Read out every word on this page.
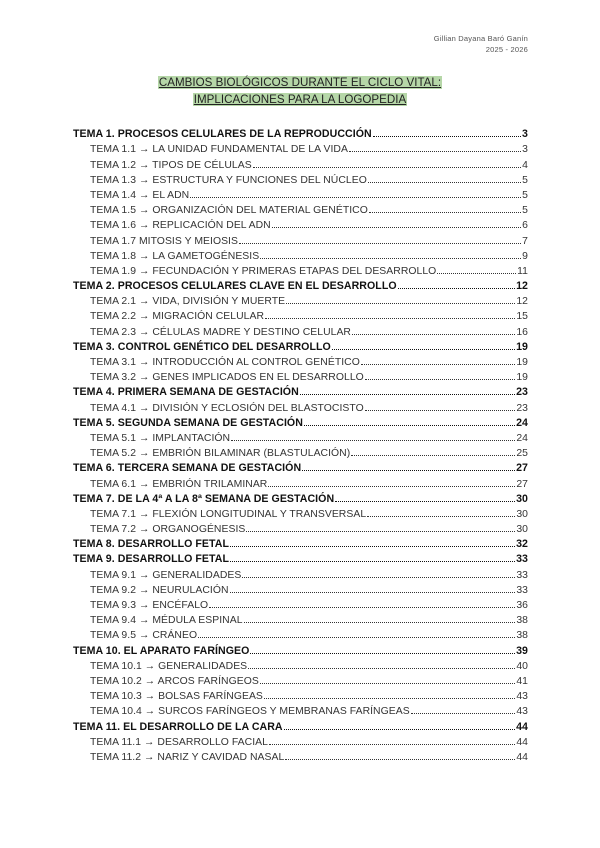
Gillian Dayana Baró Ganín
2025 - 2026
CAMBIOS BIOLÓGICOS DURANTE EL CICLO VITAL:
IMPLICACIONES PARA LA LOGOPEDIA
TEMA 1. PROCESOS CELULARES DE LA REPRODUCCIÓN	3
TEMA 1.1 → LA UNIDAD FUNDAMENTAL DE LA VIDA	3
TEMA 1.2 → TIPOS DE CÉLULAS	4
TEMA 1.3 → ESTRUCTURA Y FUNCIONES DEL NÚCLEO	5
TEMA 1.4 → EL ADN	5
TEMA 1.5 → ORGANIZACIÓN DEL MATERIAL GENÉTICO	5
TEMA 1.6 → REPLICACIÓN DEL ADN	6
TEMA 1.7 MITOSIS Y MEIOSIS	7
TEMA 1.8 → LA GAMETOGÉNESIS	9
TEMA 1.9 → FECUNDACIÓN Y PRIMERAS ETAPAS DEL DESARROLLO	11
TEMA 2. PROCESOS CELULARES CLAVE EN EL DESARROLLO	12
TEMA 2.1 → VIDA, DIVISIÓN Y MUERTE	12
TEMA 2.2 → MIGRACIÓN CELULAR	15
TEMA 2.3 → CÉLULAS MADRE Y DESTINO CELULAR	16
TEMA 3. CONTROL GENÉTICO DEL DESARROLLO	19
TEMA 3.1 → INTRODUCCIÓN AL CONTROL GENÉTICO	19
TEMA 3.2 → GENES IMPLICADOS EN EL DESARROLLO	19
TEMA 4. PRIMERA SEMANA DE GESTACIÓN	23
TEMA 4.1 → DIVISIÓN Y ECLOSIÓN DEL BLASTOCISTO	23
TEMA 5. SEGUNDA SEMANA DE GESTACIÓN	24
TEMA 5.1 → IMPLANTACIÓN	24
TEMA 5.2 → EMBRIÓN BILAMINAR (BLASTULACIÓN)	25
TEMA 6. TERCERA SEMANA DE GESTACIÓN	27
TEMA 6.1 → EMBRIÓN TRILAMINAR	27
TEMA 7. DE LA 4ª A LA 8ª SEMANA DE GESTACIÓN	30
TEMA 7.1 → FLEXIÓN LONGITUDINAL Y TRANSVERSAL	30
TEMA 7.2 → ORGANOGÉNESIS	30
TEMA 8. DESARROLLO FETAL	32
TEMA 9. DESARROLLO FETAL	33
TEMA 9.1 → GENERALIDADES	33
TEMA 9.2 → NEURULACIÓN	33
TEMA 9.3 → ENCÉFALO	36
TEMA 9.4 → MÉDULA ESPINAL	38
TEMA 9.5 → CRÁNEO	38
TEMA 10. EL APARATO FARÍNGEO	39
TEMA 10.1 → GENERALIDADES	40
TEMA 10.2 → ARCOS FARÍNGEOS	41
TEMA 10.3 → BOLSAS FARÍNGEAS	43
TEMA 10.4 → SURCOS FARÍNGEOS Y MEMBRANAS FARÍNGEAS	43
TEMA 11. EL DESARROLLO DE LA CARA	44
TEMA 11.1 → DESARROLLO FACIAL	44
TEMA 11.2 → NARIZ Y CAVIDAD NASAL	44
